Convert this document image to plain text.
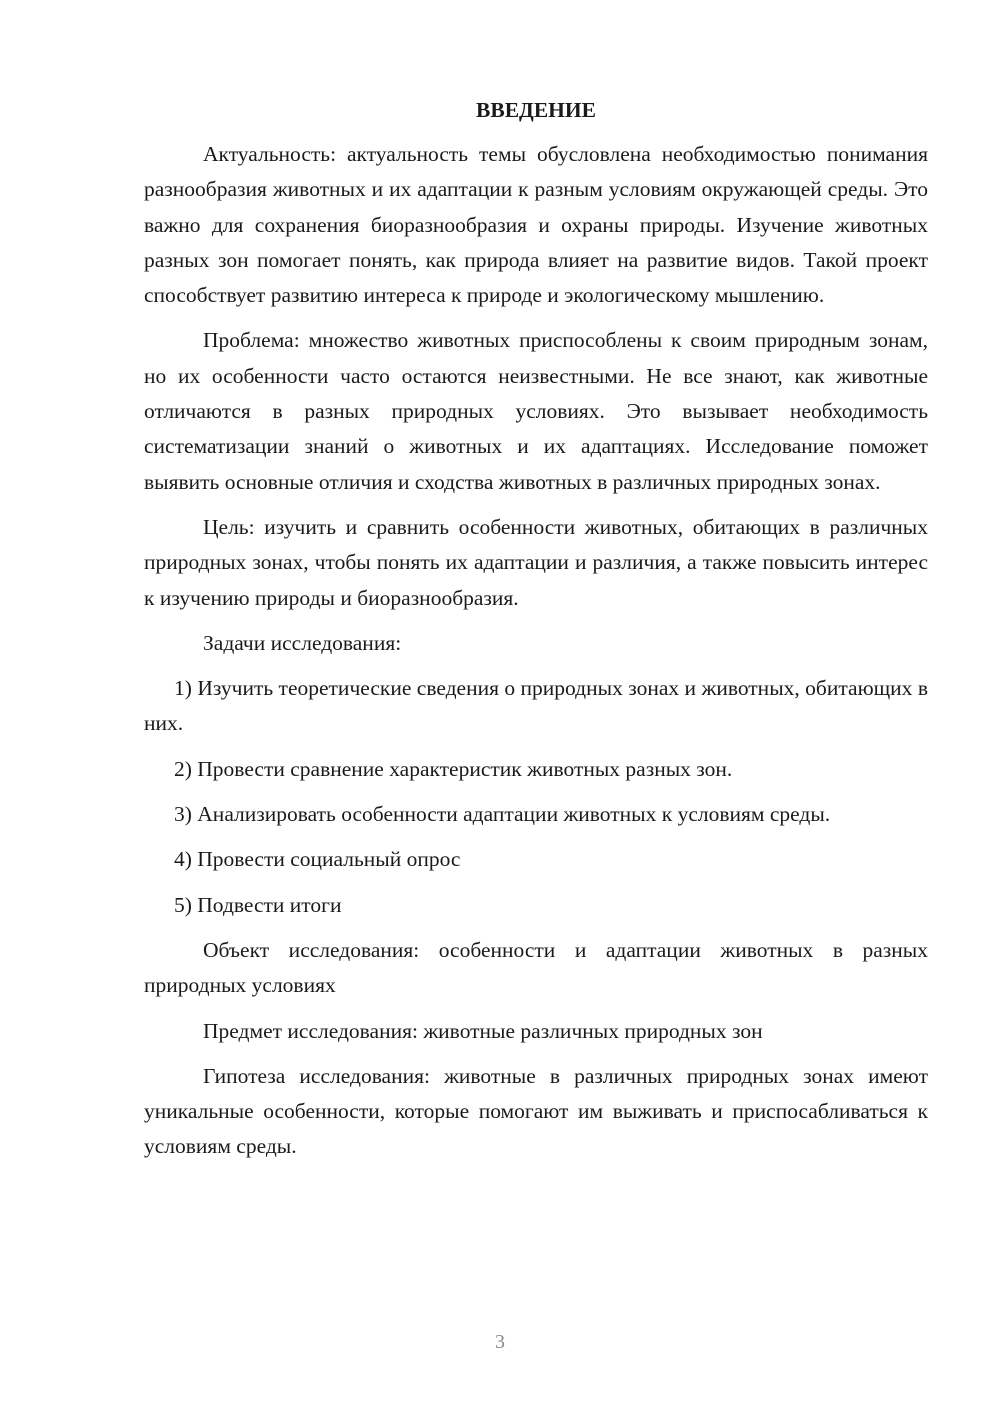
ВВЕДЕНИЕ

Актуальность: актуальность темы обусловлена необходимостью понимания разнообразия животных и их адаптации к разным условиям окружающей среды. Это важно для сохранения биоразнообразия и охраны природы. Изучение животных разных зон помогает понять, как природа влияет на развитие видов. Такой проект способствует развитию интереса к природе и экологическому мышлению.

Проблема: множество животных приспособлены к своим природным зонам, но их особенности часто остаются неизвестными. Не все знают, как животные отличаются в разных природных условиях. Это вызывает необходимость систематизации знаний о животных и их адаптациях. Исследование поможет выявить основные отличия и сходства животных в различных природных зонах.

Цель: изучить и сравнить особенности животных, обитающих в различных природных зонах, чтобы понять их адаптации и различия, а также повысить интерес к изучению природы и биоразнообразия.

Задачи исследования:

1) Изучить теоретические сведения о природных зонах и животных, обитающих в них.

2) Провести сравнение характеристик животных разных зон.

3) Анализировать особенности адаптации животных к условиям среды.

4) Провести социальный опрос

5) Подвести итоги

Объект исследования: особенности и адаптации животных в разных природных условиях

Предмет исследования: животные различных природных зон

Гипотеза исследования: животные в различных природных зонах имеют уникальные особенности, которые помогают им выживать и приспосабливаться к условиям среды.

3
